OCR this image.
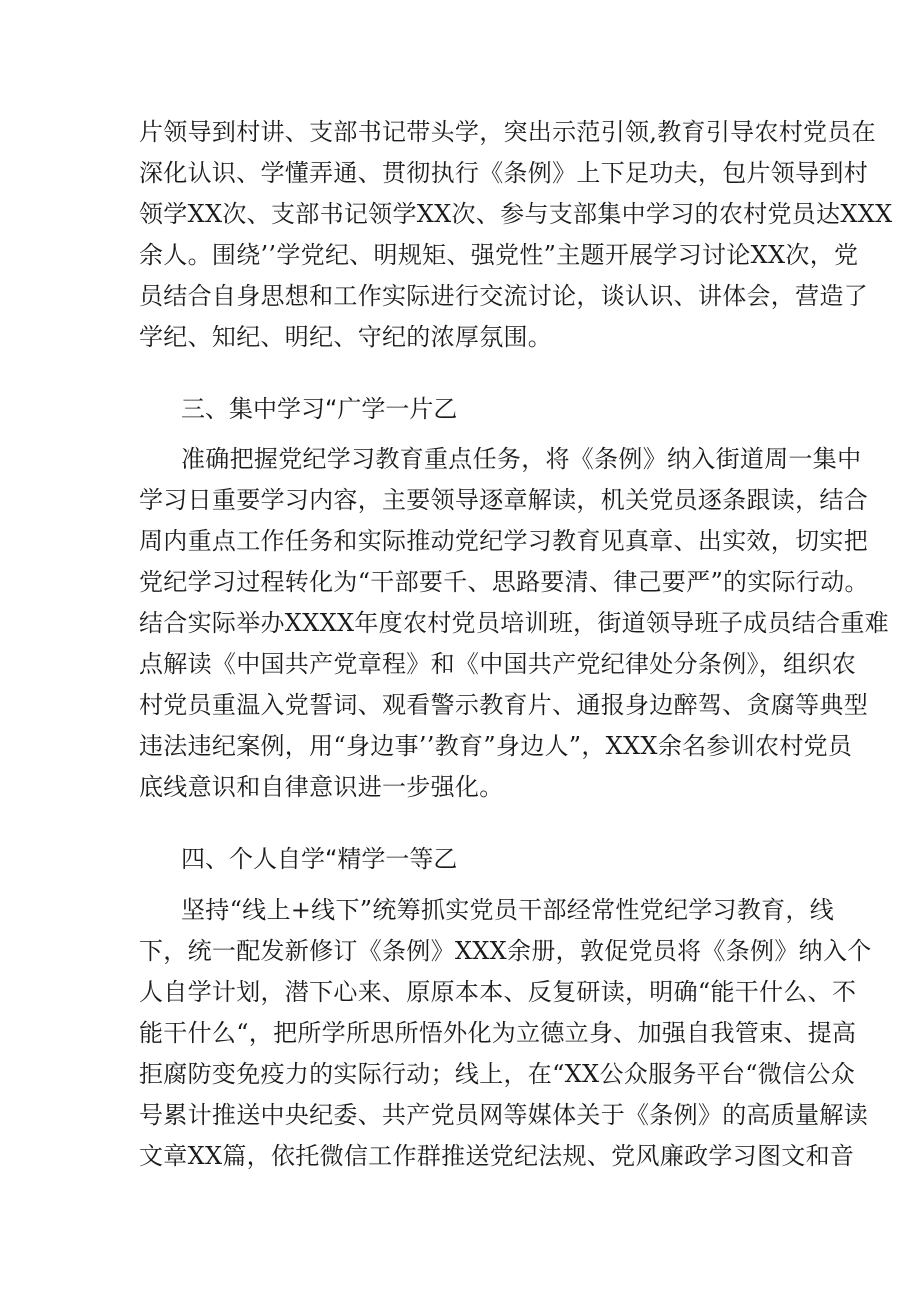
片领导到村讲、支部书记带头学，突出示范引领,教育引导农村党员在
深化认识、学懂弄通、贯彻执行《条例》上下足功夫，包片领导到村
领学XX次、支部书记领学XX次、参与支部集中学习的农村党员达XXX
余人。围绕’’学党纪、明规矩、强党性”主题开展学习讨论XX次，党
员结合自身思想和工作实际进行交流讨论，谈认识、讲体会，营造了
学纪、知纪、明纪、守纪的浓厚氛围。
三、集中学习“广学一片乙
准确把握党纪学习教育重点任务，将《条例》纳入街道周一集中
学习日重要学习内容，主要领导逐章解读，机关党员逐条跟读，结合
周内重点工作任务和实际推动党纪学习教育见真章、出实效，切实把
党纪学习过程转化为“干部要千、思路要清、律己要严”的实际行动。
结合实际举办XXXX年度农村党员培训班，街道领导班子成员结合重难
点解读《中国共产党章程》和《中国共产党纪律处分条例》，组织农
村党员重温入党誓词、观看警示教育片、通报身边醉驾、贪腐等典型
违法违纪案例，用“身边事’’教育”身边人”，XXX余名参训农村党员
底线意识和自律意识进一步强化。
四、个人自学“精学一等乙
坚持“线上+线下”统筹抓实党员干部经常性党纪学习教育，线
下，统一配发新修订《条例》XXX余册，敦促党员将《条例》纳入个
人自学计划，潜下心来、原原本本、反复研读，明确“能干什么、不
能干什么“，把所学所思所悟外化为立德立身、加强自我管束、提高
拒腐防变免疫力的实际行动；线上，在“XX公众服务平台“微信公众
号累计推送中央纪委、共产党员网等媒体关于《条例》的高质量解读
文章XX篇，依托微信工作群推送党纪法规、党风廉政学习图文和音
